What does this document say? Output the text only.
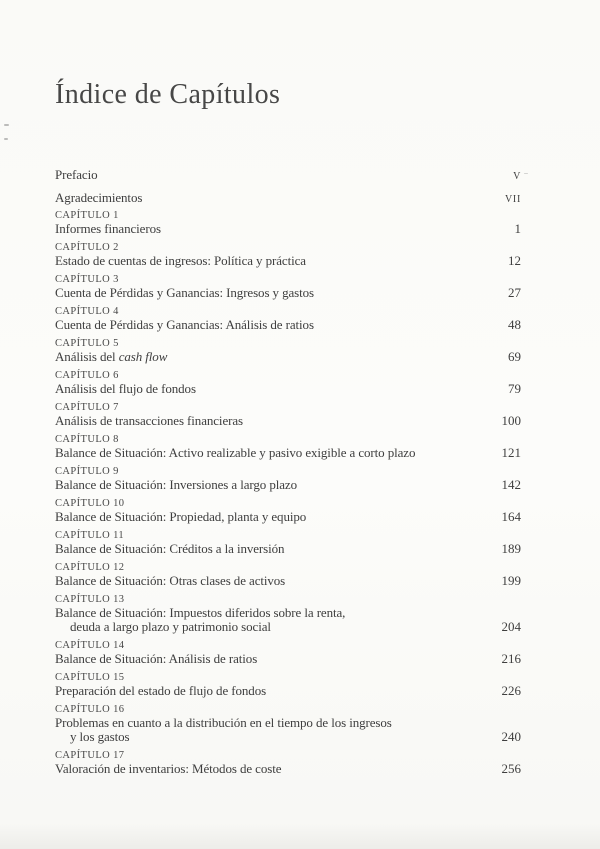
Índice de Capítulos
Prefacio	V
Agradecimientos	VII
CAPÍTULO 1
Informes financieros	1
CAPÍTULO 2
Estado de cuentas de ingresos: Política y práctica	12
CAPÍTULO 3
Cuenta de Pérdidas y Ganancias: Ingresos y gastos	27
CAPÍTULO 4
Cuenta de Pérdidas y Ganancias: Análisis de ratios	48
CAPÍTULO 5
Análisis del cash flow	69
CAPÍTULO 6
Análisis del flujo de fondos	79
CAPÍTULO 7
Análisis de transacciones financieras	100
CAPÍTULO 8
Balance de Situación: Activo realizable y pasivo exigible a corto plazo	121
CAPÍTULO 9
Balance de Situación: Inversiones a largo plazo	142
CAPÍTULO 10
Balance de Situación: Propiedad, planta y equipo	164
CAPÍTULO 11
Balance de Situación: Créditos a la inversión	189
CAPÍTULO 12
Balance de Situación: Otras clases de activos	199
CAPÍTULO 13
Balance de Situación: Impuestos diferidos sobre la renta,
deuda a largo plazo y patrimonio social	204
CAPÍTULO 14
Balance de Situación: Análisis de ratios	216
CAPÍTULO 15
Preparación del estado de flujo de fondos	226
CAPÍTULO 16
Problemas en cuanto a la distribución en el tiempo de los ingresos
y los gastos	240
CAPÍTULO 17
Valoración de inventarios: Métodos de coste	256
